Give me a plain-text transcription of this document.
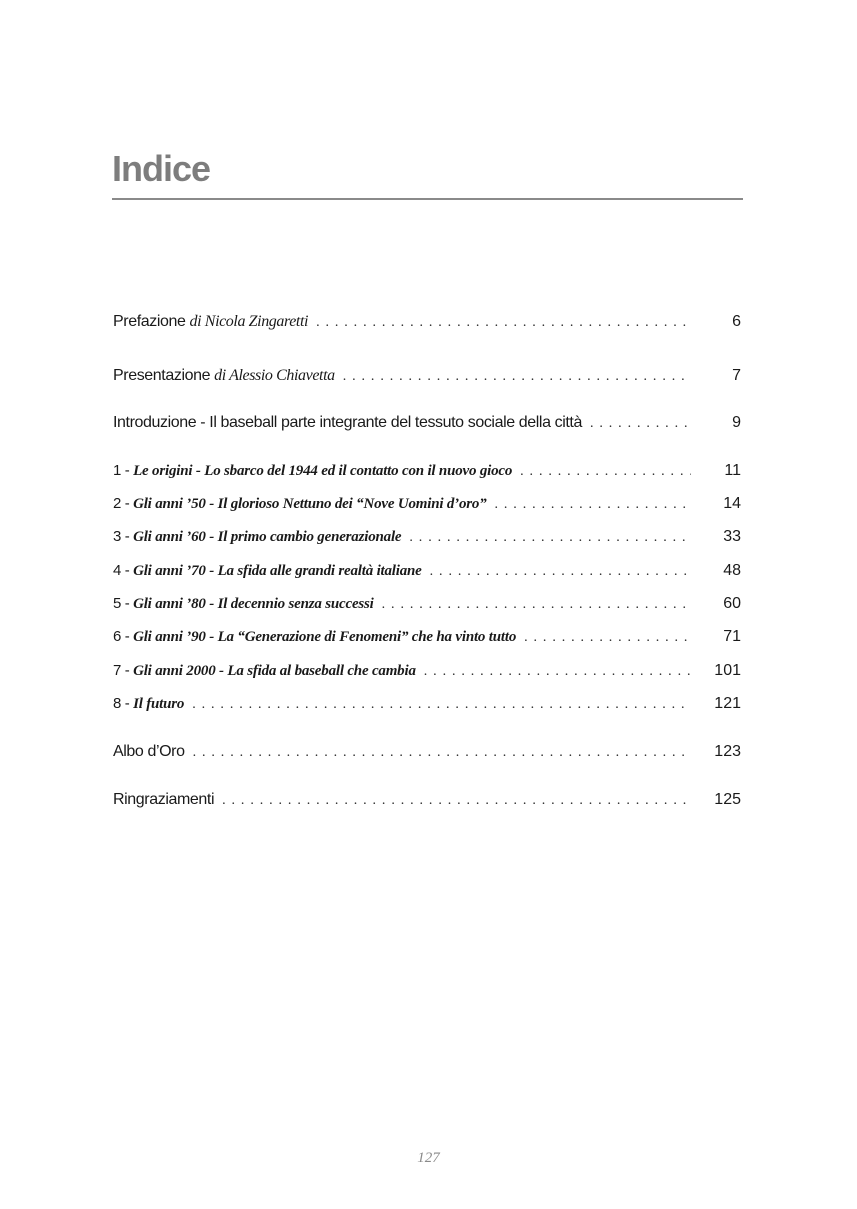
Indice
Prefazione di Nicola Zingaretti . . .	6
Presentazione di Alessio Chiavetta . . .	7
Introduzione - Il baseball parte integrante del tessuto sociale della città . . .	9
1 - Le origini - Lo sbarco del 1944 ed il contatto con il nuovo gioco . . .	11
2 - Gli anni ’50 - Il glorioso Nettuno dei “Nove Uomini d’oro” . . .	14
3 - Gli anni ’60 - Il primo cambio generazionale . . .	33
4 - Gli anni ’70 - La sfida alle grandi realtà italiane . . .	48
5 - Gli anni ’80 - Il decennio senza successi . . .	60
6 - Gli anni ’90 - La “Generazione di Fenomeni” che ha vinto tutto . . .	71
7 - Gli anni 2000 - La sfida al baseball che cambia . . .	101
8 - Il futuro . . .	121
Albo d’Oro . . .	123
Ringraziamenti . . .	125
127
